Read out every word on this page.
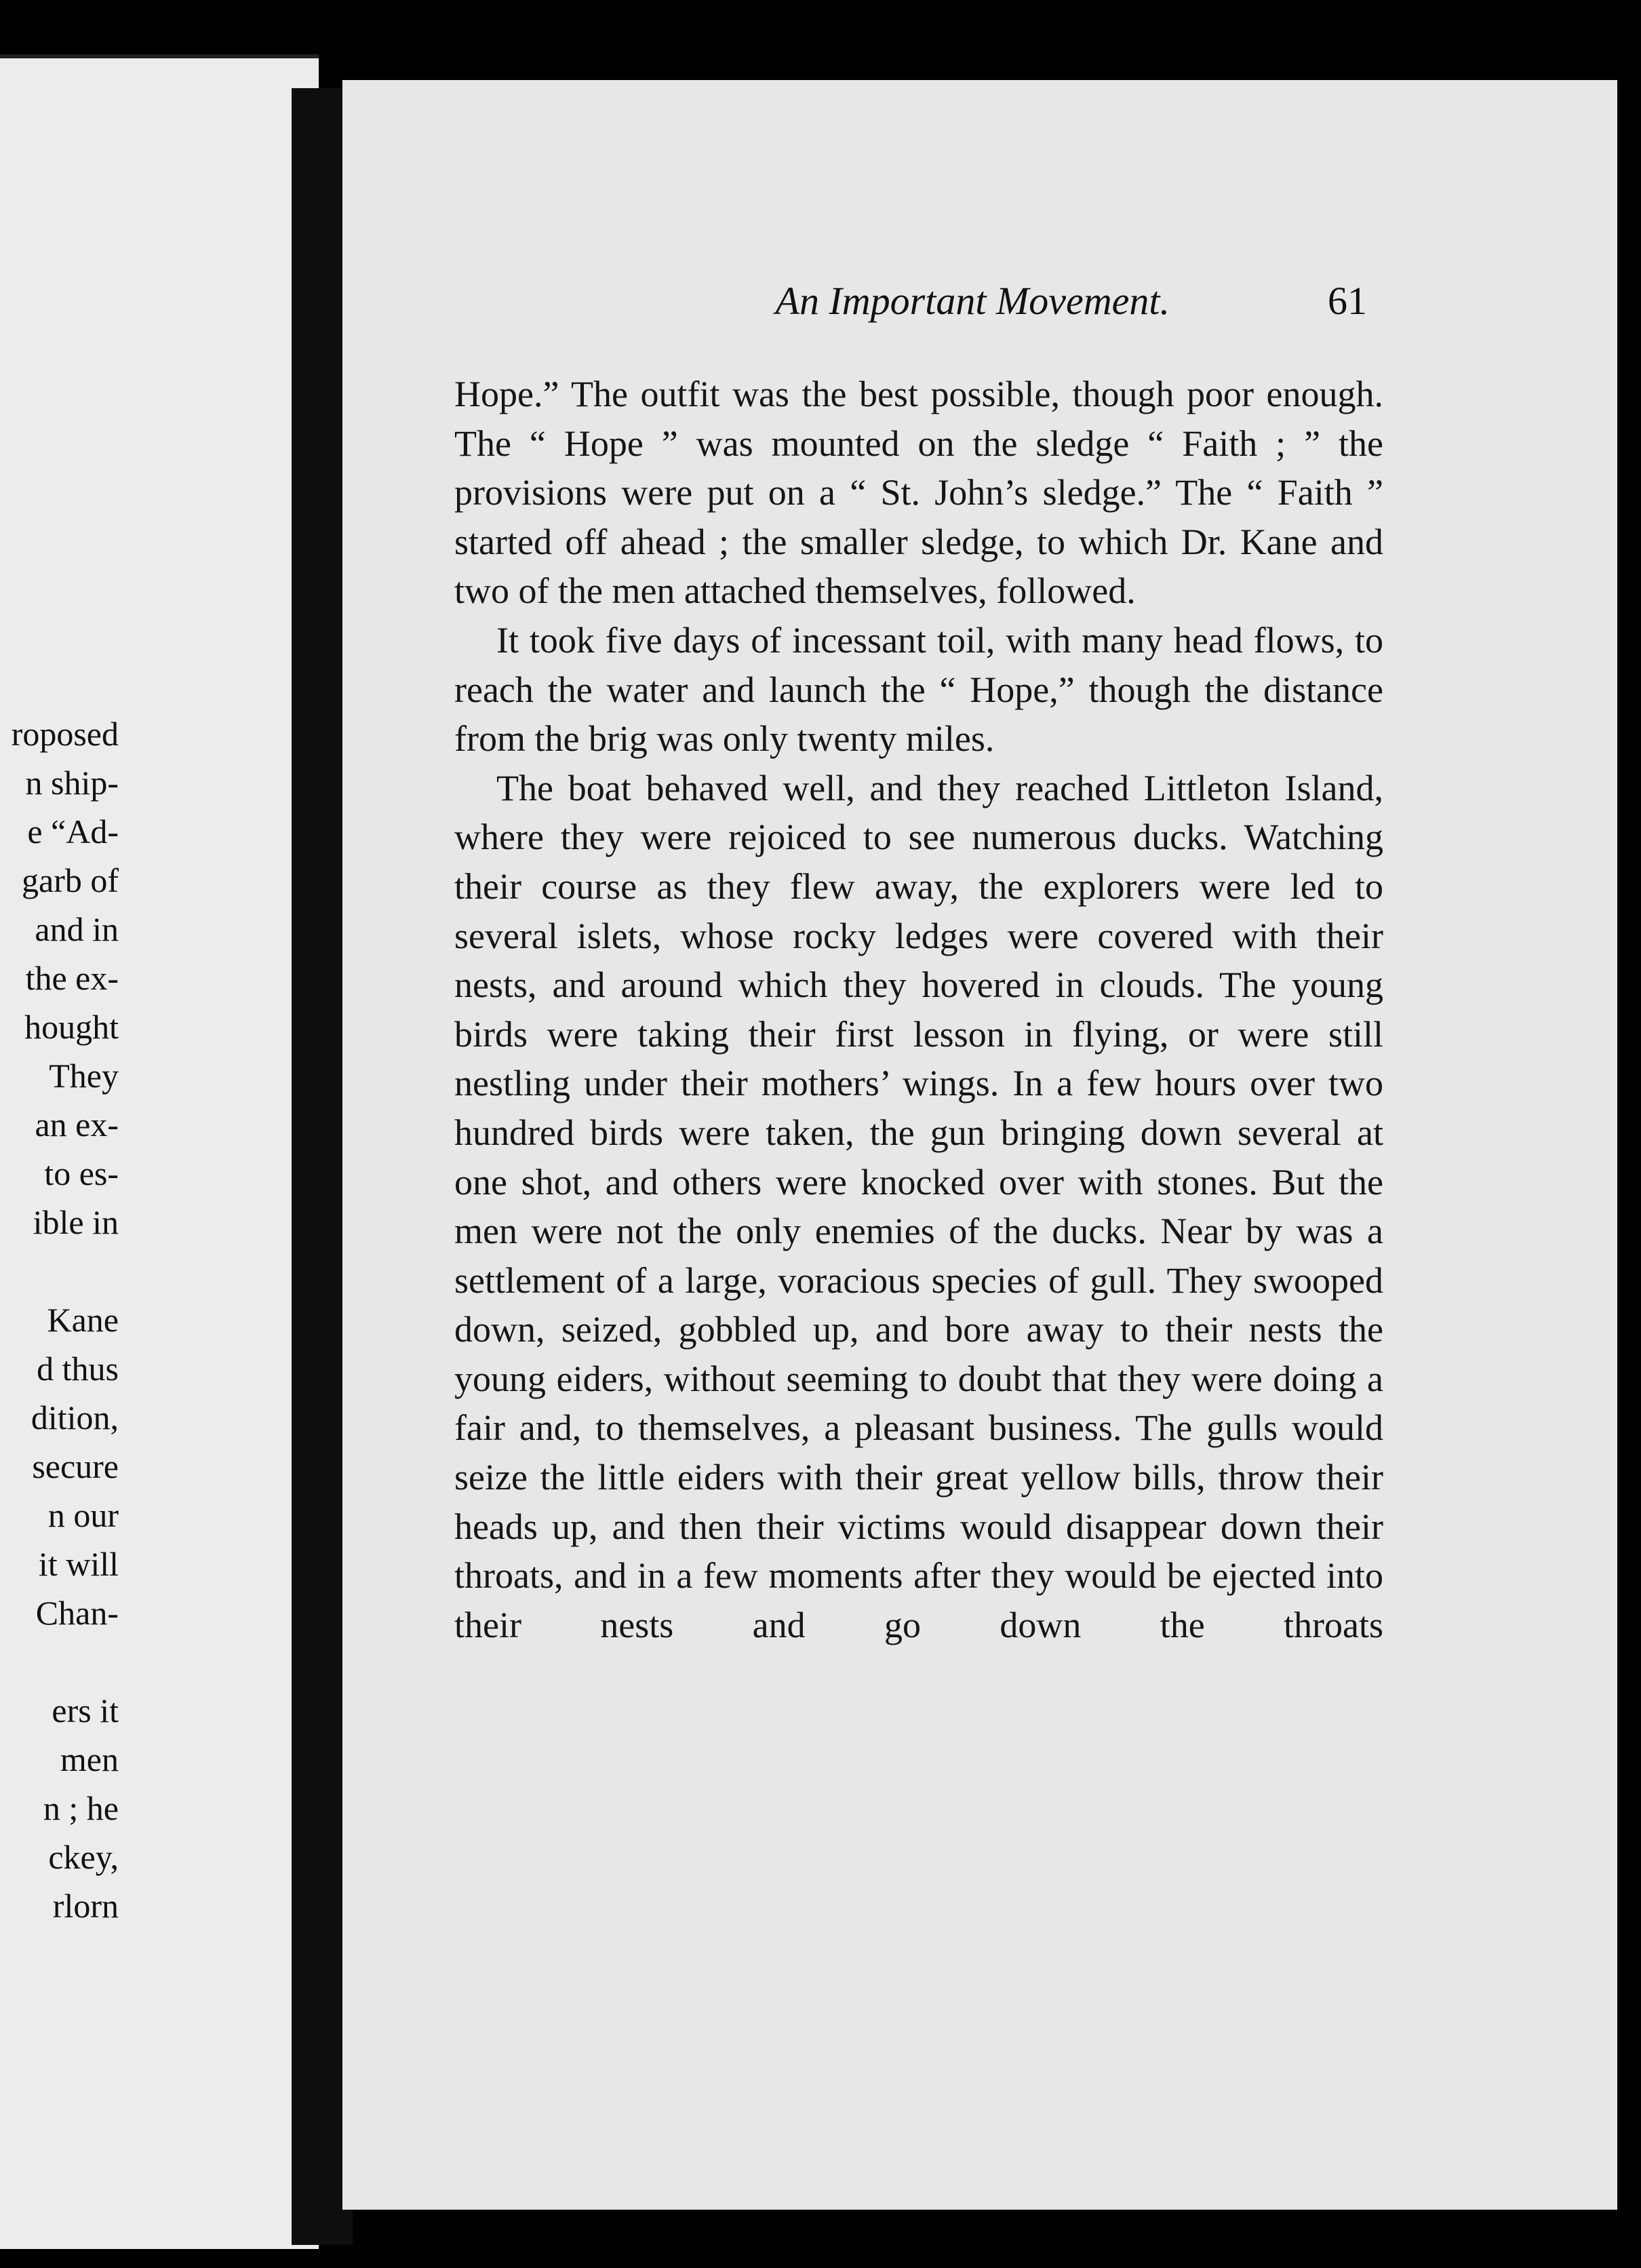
roposed
n ship-
e “Ad-
garb of
and in
the ex-
hought
They
an ex-
to es-
ible in

Kane
d thus
dition,
secure
n our
it will
Chan-

ers it
men
n ; he
ckey,
rlorn
An Important Movement.	61

Hope.” The outfit was the best possible, though poor enough. The “ Hope ” was mounted on the sledge “ Faith ; ” the provisions were put on a “ St. John’s sledge.” The “ Faith ” started off ahead ; the smaller sledge, to which Dr. Kane and two of the men attached themselves, followed.

It took five days of incessant toil, with many head flows, to reach the water and launch the “ Hope,” though the distance from the brig was only twenty miles.

The boat behaved well, and they reached Littleton Island, where they were rejoiced to see numerous ducks. Watching their course as they flew away, the explorers were led to several islets, whose rocky ledges were covered with their nests, and around which they hovered in clouds. The young birds were taking their first lesson in flying, or were still nestling under their mothers’ wings. In a few hours over two hundred birds were taken, the gun bringing down several at one shot, and others were knocked over with stones. But the men were not the only enemies of the ducks. Near by was a settlement of a large, voracious species of gull. They swooped down, seized, gobbled up, and bore away to their nests the young eiders, without seeming to doubt that they were doing a fair and, to themselves, a pleasant business. The gulls would seize the little eiders with their great yellow bills, throw their heads up, and then their victims would disappear down their throats, and in a few moments after they would be ejected into their nests and go down the throats
